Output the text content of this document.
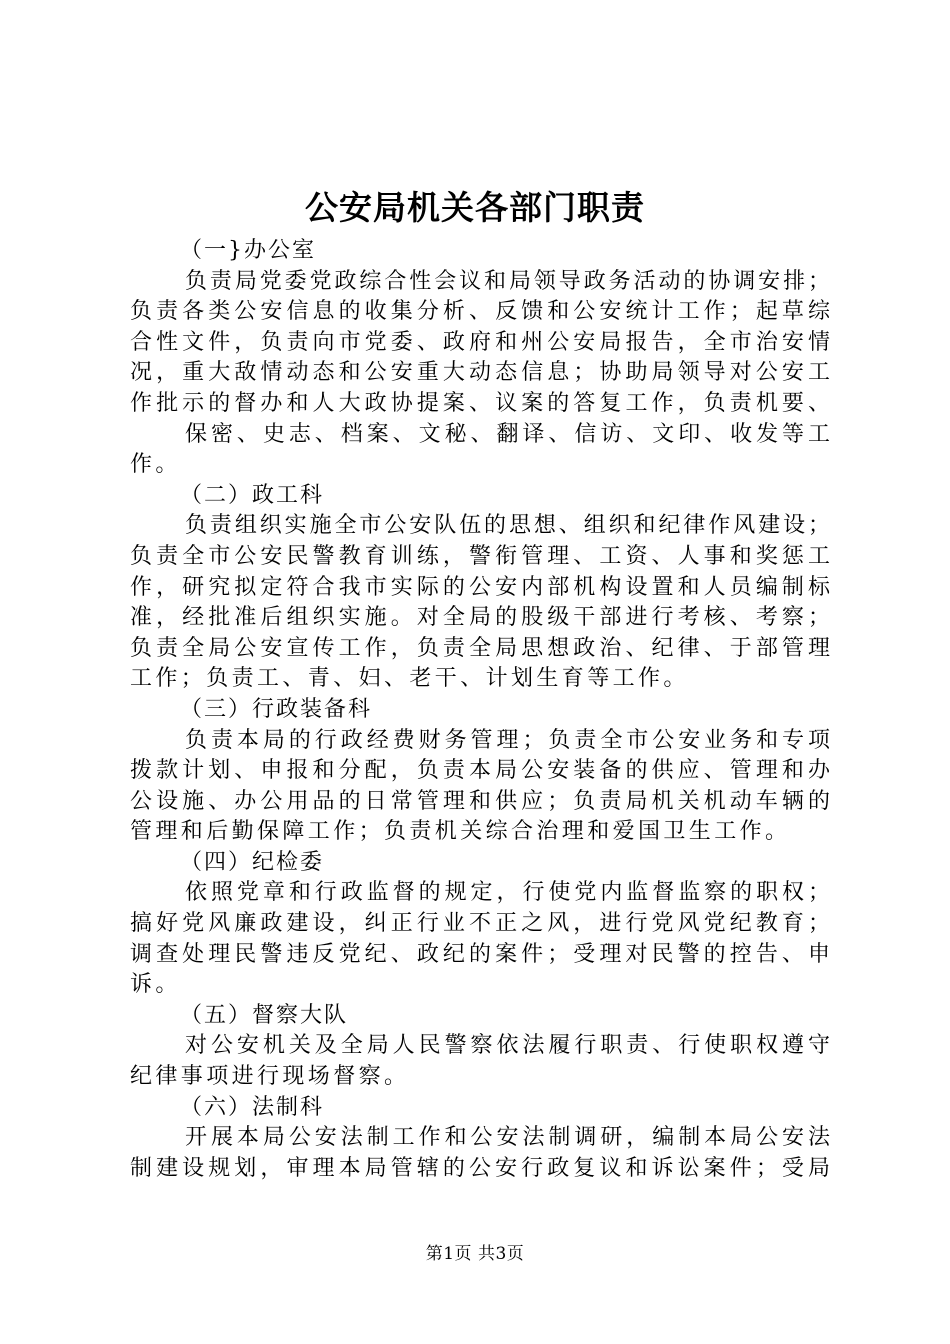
公安局机关各部门职责
（一}办公室
负责局党委党政综合性会议和局领导政务活动的协调安排；
负责各类公安信息的收集分析、反馈和公安统计工作；起草综
合性文件，负责向市党委、政府和州公安局报告，全市治安情
况，重大敌情动态和公安重大动态信息；协助局领导对公安工
作批示的督办和人大政协提案、议案的答复工作，负责机要、
保密、史志、档案、文秘、翻译、信访、文印、收发等工
作。
（二）政工科
负责组织实施全市公安队伍的思想、组织和纪律作风建设；
负责全市公安民警教育训练，警衔管理、工资、人事和奖惩工
作，研究拟定符合我市实际的公安内部机构设置和人员编制标
准，经批准后组织实施。对全局的股级干部进行考核、考察；
负责全局公安宣传工作，负责全局思想政治、纪律、于部管理
工作；负责工、青、妇、老干、计划生育等工作。
（三）行政装备科
负责本局的行政经费财务管理；负责全市公安业务和专项
拨款计划、申报和分配，负责本局公安装备的供应、管理和办
公设施、办公用品的日常管理和供应；负责局机关机动车辆的
管理和后勤保障工作；负责机关综合治理和爱国卫生工作。
（四）纪检委
依照党章和行政监督的规定，行使党内监督监察的职权；
搞好党风廉政建设，纠正行业不正之风，进行党风党纪教育；
调查处理民警违反党纪、政纪的案件；受理对民警的控告、申
诉。
（五）督察大队
对公安机关及全局人民警察依法履行职责、行使职权遵守
纪律事项进行现场督察。
（六）法制科
开展本局公安法制工作和公安法制调研，编制本局公安法
制建设规划，审理本局管辖的公安行政复议和诉讼案件；受局
第1页 共3页
